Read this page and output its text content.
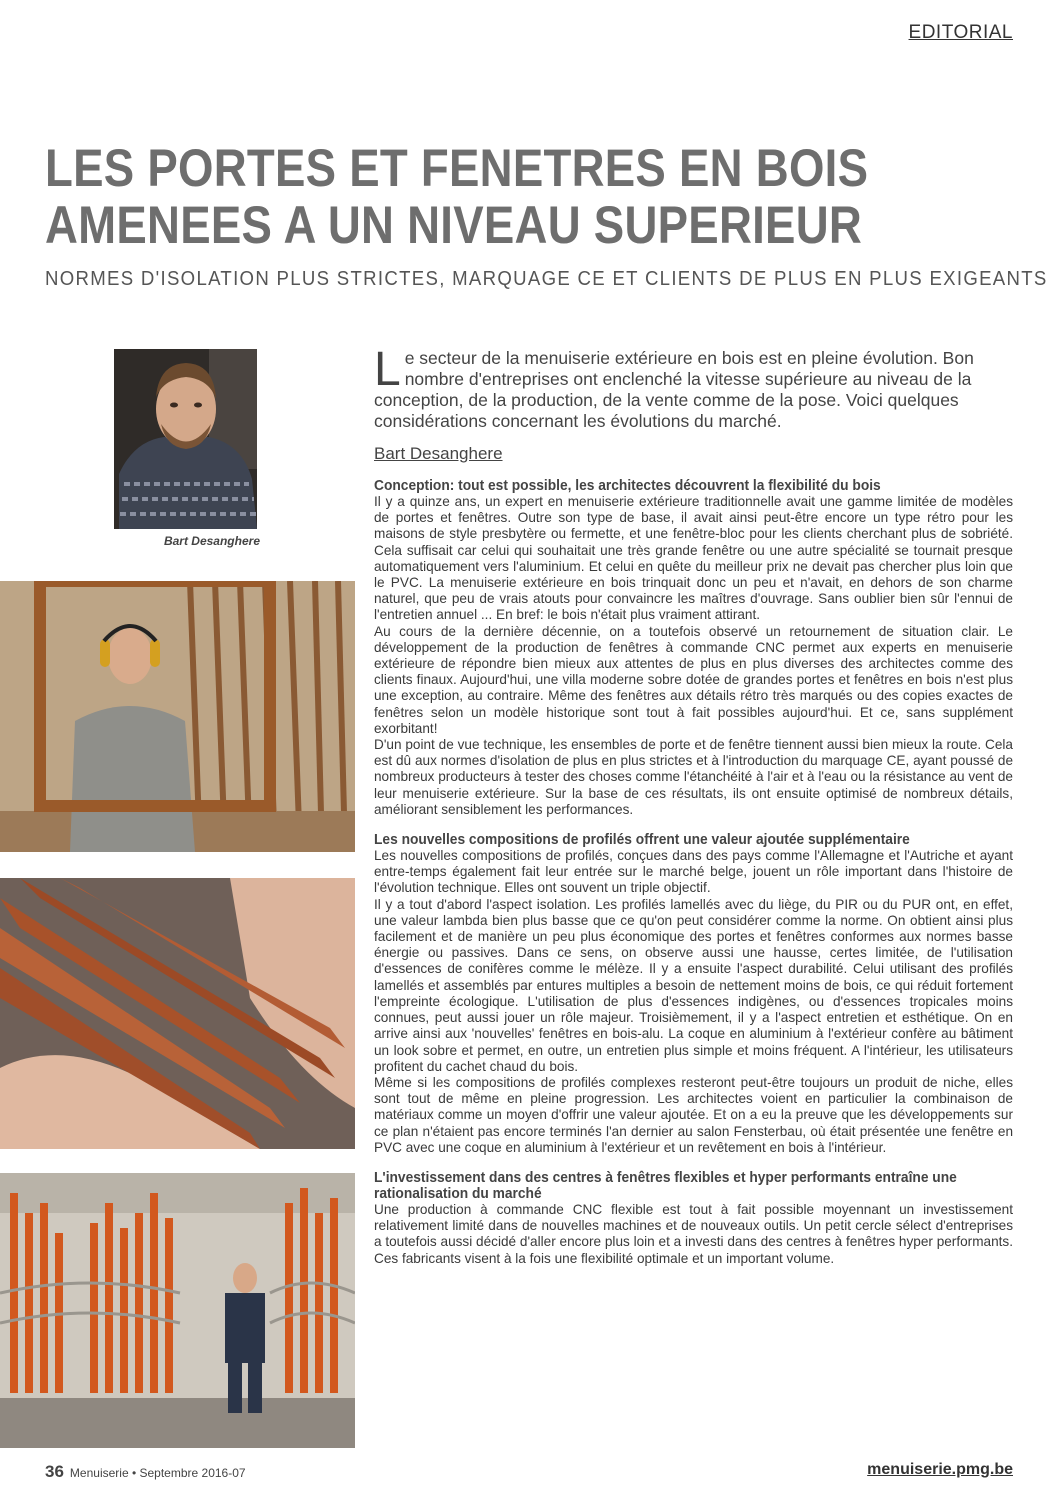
EDITORIAL
LES PORTES ET FENETRES EN BOIS
AMENEES A UN NIVEAU SUPERIEUR
NORMES D'ISOLATION PLUS STRICTES, MARQUAGE CE ET CLIENTS DE PLUS EN PLUS EXIGEANTS
Bart Desanghere

Le secteur de la menuiserie extérieure en bois est en pleine évolution. Bon nombre d'entreprises ont enclenché la vitesse supérieure au niveau de la conception, de la production, de la vente comme de la pose. Voici quelques considérations concernant les évolutions du marché.

Bart Desanghere
Conception: tout est possible, les architectes découvrent la flexibilité du bois

Il y a quinze ans, un expert en menuiserie extérieure traditionnelle avait une gamme limitée de modèles de portes et fenêtres. Outre son type de base, il avait ainsi peut-être encore un type rétro pour les maisons de style presbytère ou fermette, et une fenêtre-bloc pour les clients cherchant plus de sobriété. Cela suffisait car celui qui souhaitait une très grande fenêtre ou une autre spécialité se tournait presque automatiquement vers l'aluminium. Et celui en quête du meilleur prix ne devait pas chercher plus loin que le PVC. La menuiserie extérieure en bois trinquait donc un peu et n'avait, en dehors de son charme naturel, que peu de vrais atouts pour convaincre les maîtres d'ouvrage. Sans oublier bien sûr l'ennui de l'entretien annuel ... En bref: le bois n'était plus vraiment attirant.

Au cours de la dernière décennie, on a toutefois observé un retournement de situation clair. Le développement de la production de fenêtres à commande CNC permet aux experts en menuiserie extérieure de répondre bien mieux aux attentes de plus en plus diverses des architectes comme des clients finaux. Aujourd'hui, une villa moderne sobre dotée de grandes portes et fenêtres en bois n'est plus une exception, au contraire. Même des fenêtres aux détails rétro très marqués ou des copies exactes de fenêtres selon un modèle historique sont tout à fait possibles aujourd'hui. Et ce, sans supplément exorbitant!

D'un point de vue technique, les ensembles de porte et de fenêtre tiennent aussi bien mieux la route. Cela est dû aux normes d'isolation de plus en plus strictes et à l'introduction du marquage CE, ayant poussé de nombreux producteurs à tester des choses comme l'étanchéité à l'air et à l'eau ou la résistance au vent de leur menuiserie extérieure. Sur la base de ces résultats, ils ont ensuite optimisé de nombreux détails, améliorant sensiblement les performances.

Les nouvelles compositions de profilés offrent une valeur ajoutée supplémentaire

Les nouvelles compositions de profilés, conçues dans des pays comme l'Allemagne et l'Autriche et ayant entre-temps également fait leur entrée sur le marché belge, jouent un rôle important dans l'histoire de l'évolution technique. Elles ont souvent un triple objectif.

Il y a tout d'abord l'aspect isolation. Les profilés lamellés avec du liège, du PIR ou du PUR ont, en effet, une valeur lambda bien plus basse que ce qu'on peut considérer comme la norme. On obtient ainsi plus facilement et de manière un peu plus économique des portes et fenêtres conformes aux normes basse énergie ou passives. Dans ce sens, on observe aussi une hausse, certes limitée, de l'utilisation d'essences de conifères comme le mélèze. Il y a ensuite l'aspect durabilité. Celui utilisant des profilés lamellés et assemblés par entures multiples a besoin de nettement moins de bois, ce qui réduit fortement l'empreinte écologique. L'utilisation de plus d'essences indigènes, ou d'essences tropicales moins connues, peut aussi jouer un rôle majeur. Troisièmement, il y a l'aspect entretien et esthétique. On en arrive ainsi aux 'nouvelles' fenêtres en bois-alu. La coque en aluminium à l'extérieur confère au bâtiment un look sobre et permet, en outre, un entretien plus simple et moins fréquent. A l'intérieur, les utilisateurs profitent du cachet chaud du bois.

Même si les compositions de profilés complexes resteront peut-être toujours un produit de niche, elles sont tout de même en pleine progression. Les architectes voient en particulier la combinaison de matériaux comme un moyen d'offrir une valeur ajoutée. Et on a eu la preuve que les développements sur ce plan n'étaient pas encore terminés l'an dernier au salon Fensterbau, où était présentée une fenêtre en PVC avec une coque en aluminium à l'extérieur et un revêtement en bois à l'intérieur.

L'investissement dans des centres à fenêtres flexibles et hyper performants entraîne une rationalisation du marché

Une production à commande CNC flexible est tout à fait possible moyennant un investissement relativement limité dans de nouvelles machines et de nouveaux outils. Un petit cercle sélect d'entreprises a toutefois aussi décidé d'aller encore plus loin et a investi dans des centres à fenêtres hyper performants. Ces fabricants visent à la fois une flexibilité optimale et un important volume.

36 Menuiserie • Septembre 2016-07	menuiserie.pmg.be
